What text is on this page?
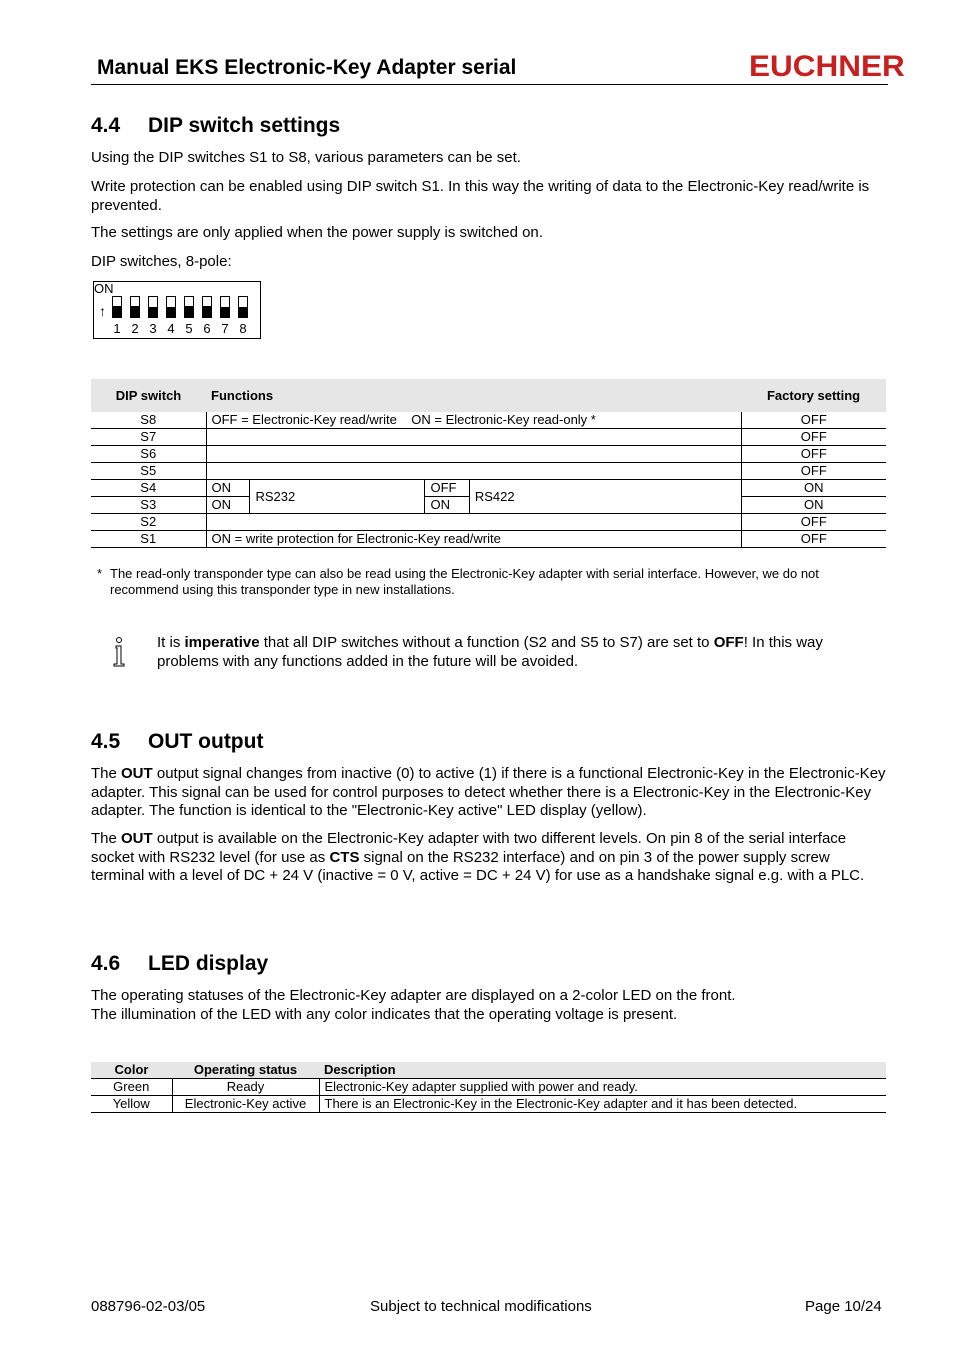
Manual EKS Electronic-Key Adapter serial	EUCHNER
4.4 DIP switch settings

Using the DIP switches S1 to S8, various parameters can be set.

Write protection can be enabled using DIP switch S1. In this way the writing of data to the Electronic-Key read/write is prevented.

The settings are only applied when the power supply is switched on.

DIP switches, 8-pole:

ON
↑
1 2 3 4 5 6 7 8
DIP switch	Functions				Factory setting
S8	OFF = Electronic-Key read/write    ON = Electronic-Key read-only *				OFF
S7					OFF
S6					OFF
S5					OFF
S4	ON	RS232	OFF	RS422	ON
S3	ON		ON		ON
S2					OFF
S1	ON = write protection for Electronic-Key read/write				OFF
* The read-only transponder type can also be read using the Electronic-Key adapter with serial interface. However, we do not recommend using this transponder type in new installations.

It is imperative that all DIP switches without a function (S2 and S5 to S7) are set to OFF! In this way problems with any functions added in the future will be avoided.

4.5 OUT output

The OUT output signal changes from inactive (0) to active (1) if there is a functional Electronic-Key in the Electronic-Key adapter. This signal can be used for control purposes to detect whether there is a Electronic-Key in the Electronic-Key adapter. The function is identical to the "Electronic-Key active" LED display (yellow).

The OUT output is available on the Electronic-Key adapter with two different levels. On pin 8 of the serial interface socket with RS232 level (for use as CTS signal on the RS232 interface) and on pin 3 of the power supply screw terminal with a level of DC + 24 V (inactive = 0 V, active = DC + 24 V) for use as a handshake signal e.g. with a PLC.

4.6 LED display

The operating statuses of the Electronic-Key adapter are displayed on a 2-color LED on the front.

The illumination of the LED with any color indicates that the operating voltage is present.

Color	Operating status	Description
Green	Ready	Electronic-Key adapter supplied with power and ready.
Yellow	Electronic-Key active	There is an Electronic-Key in the Electronic-Key adapter and it has been detected.
088796-02-03/05	Subject to technical modifications	Page 10/24
